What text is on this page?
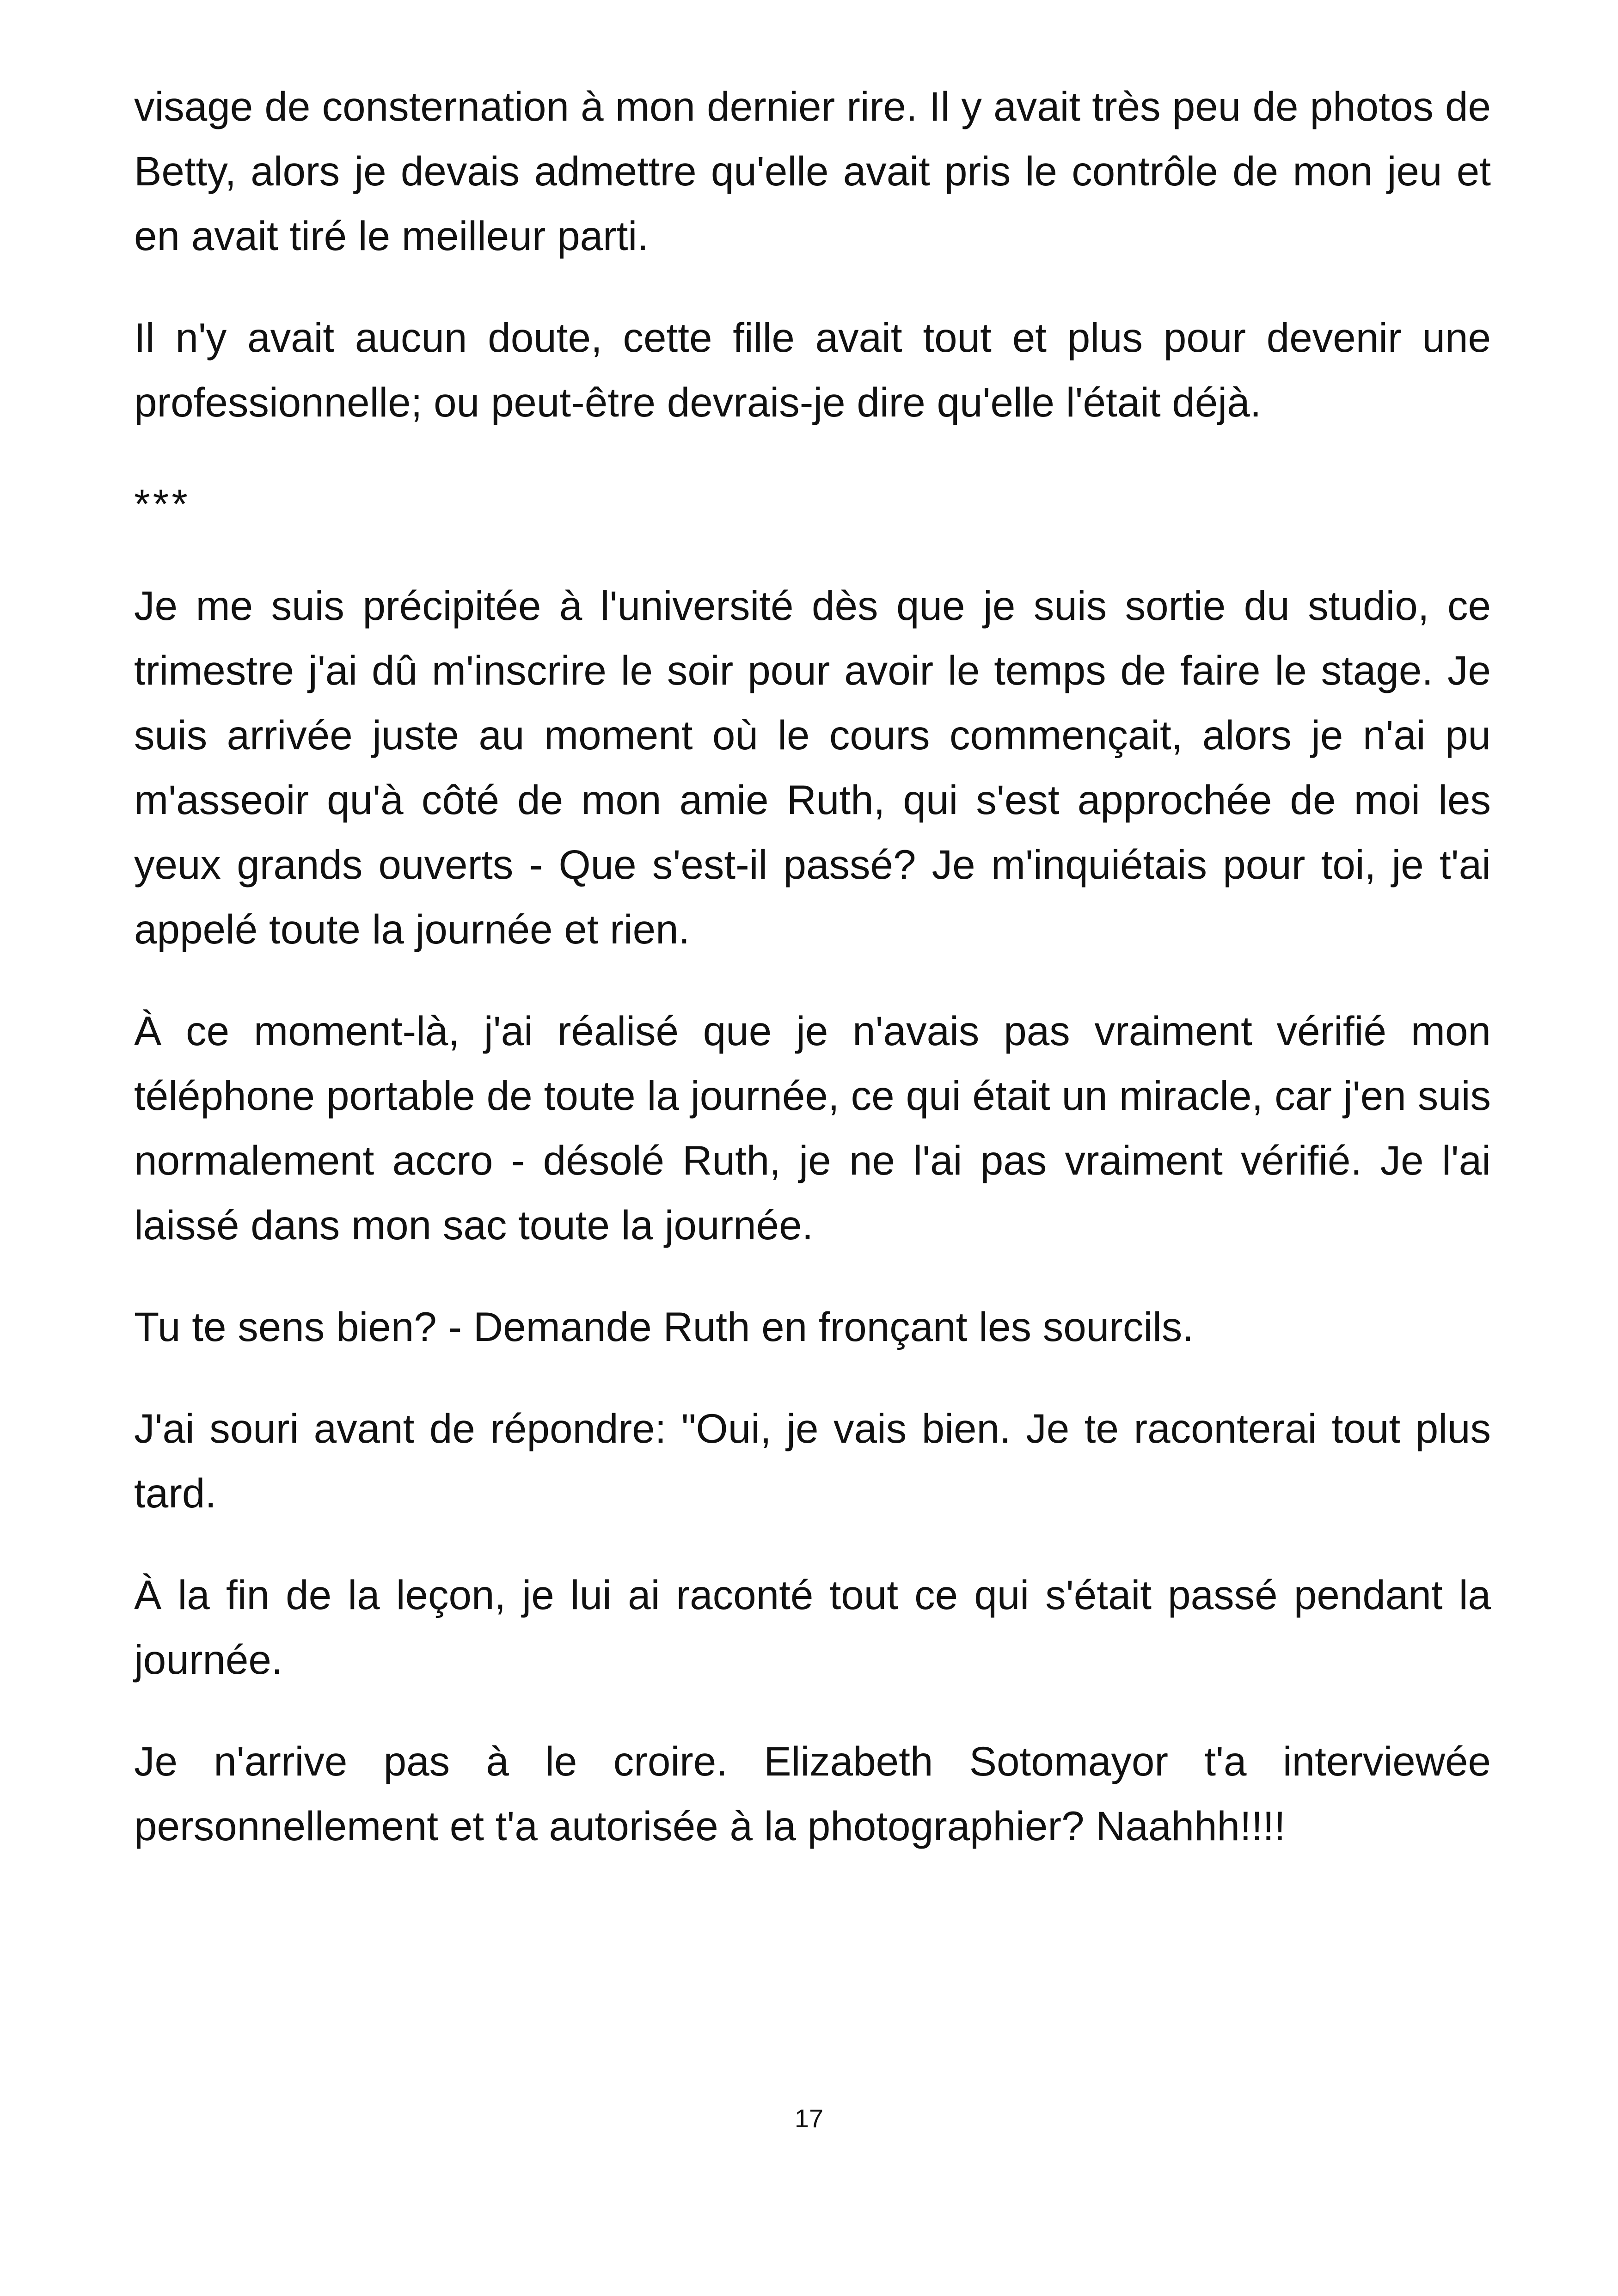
visage de consternation à mon dernier rire. Il y avait très peu de photos de Betty, alors je devais admettre qu'elle avait pris le contrôle de mon jeu et en avait tiré le meilleur parti.

Il n'y avait aucun doute, cette fille avait tout et plus pour devenir une professionnelle; ou peut-être devrais-je dire qu'elle l'était déjà.

***

Je me suis précipitée à l'université dès que je suis sortie du studio, ce trimestre j'ai dû m'inscrire le soir pour avoir le temps de faire le stage. Je suis arrivée juste au moment où le cours commençait, alors je n'ai pu m'asseoir qu'à côté de mon amie Ruth, qui s'est approchée de moi les yeux grands ouverts - Que s'est-il passé? Je m'inquiétais pour toi, je t'ai appelé toute la journée et rien.

À ce moment-là, j'ai réalisé que je n'avais pas vraiment vérifié mon téléphone portable de toute la journée, ce qui était un miracle, car j'en suis normalement accro - désolé Ruth, je ne l'ai pas vraiment vérifié. Je l'ai laissé dans mon sac toute la journée.

Tu te sens bien? - Demande Ruth en fronçant les sourcils.

J'ai souri avant de répondre: "Oui, je vais bien. Je te raconterai tout plus tard.

À la fin de la leçon, je lui ai raconté tout ce qui s'était passé pendant la journée.

Je n'arrive pas à le croire. Elizabeth Sotomayor t'a interviewée personnellement et t'a autorisée à la photographier? Naahhh!!!!

17
